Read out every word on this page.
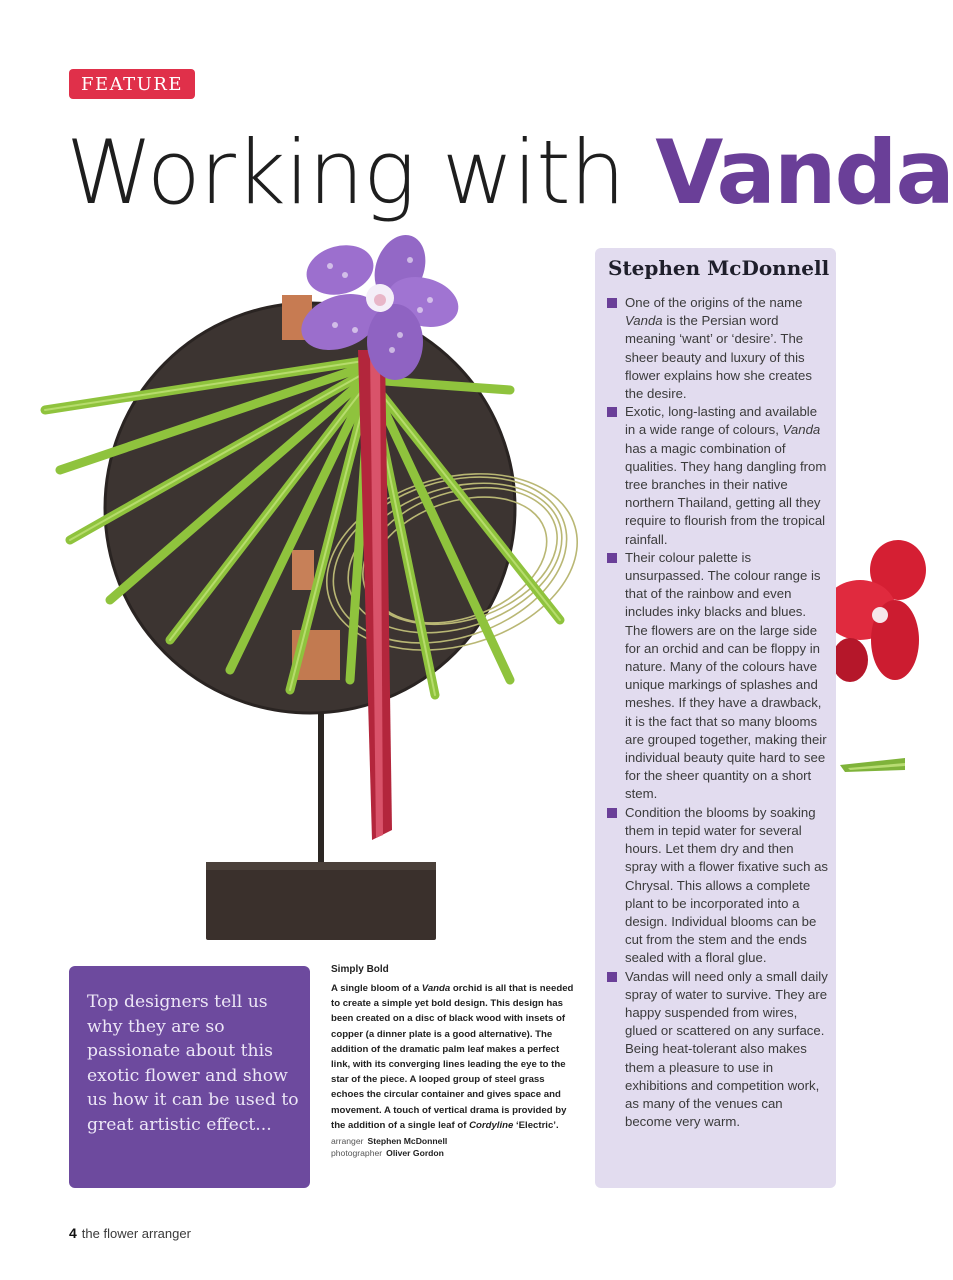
FEATURE
Working with Vanda
Stephen McDonnell
One of the origins of the name Vanda is the Persian word meaning ‘want’ or ‘desire’. The sheer beauty and luxury of this flower explains how she creates the desire.
Exotic, long-lasting and available in a wide range of colours, Vanda has a magic combination of qualities. They hang dangling from tree branches in their native northern Thailand, getting all they require to flourish from the tropical rainfall.
Their colour palette is unsurpassed. The colour range is that of the rainbow and even includes inky blacks and blues. The flowers are on the large side for an orchid and can be floppy in nature. Many of the colours have unique markings of splashes and meshes. If they have a drawback, it is the fact that so many blooms are grouped together, making their individual beauty quite hard to see for the sheer quantity on a short stem.
Condition the blooms by soaking them in tepid water for several hours. Let them dry and then spray with a flower fixative such as Chrysal. This allows a complete plant to be incorporated into a design. Individual blooms can be cut from the stem and the ends sealed with a floral glue.
Vandas will need only a small daily spray of water to survive. They are happy suspended from wires, glued or scattered on any surface. Being heat-tolerant also makes them a pleasure to use in exhibitions and competition work, as many of the venues can become very warm.

Top designers tell us why they are so passionate about this exotic flower and show us how it can be used to great artistic effect...

Simply Bold

A single bloom of a Vanda orchid is all that is needed to create a simple yet bold design. This design has been created on a disc of black wood with insets of copper (a dinner plate is a good alternative). The addition of the dramatic palm leaf makes a perfect link, with its converging lines leading the eye to the star of the piece. A looped group of steel grass echoes the circular container and gives space and movement. A touch of vertical drama is provided by the addition of a single leaf of Cordyline ‘Electric’.

arranger Stephen McDonnell

photographer Oliver Gordon

4 the flower arranger
